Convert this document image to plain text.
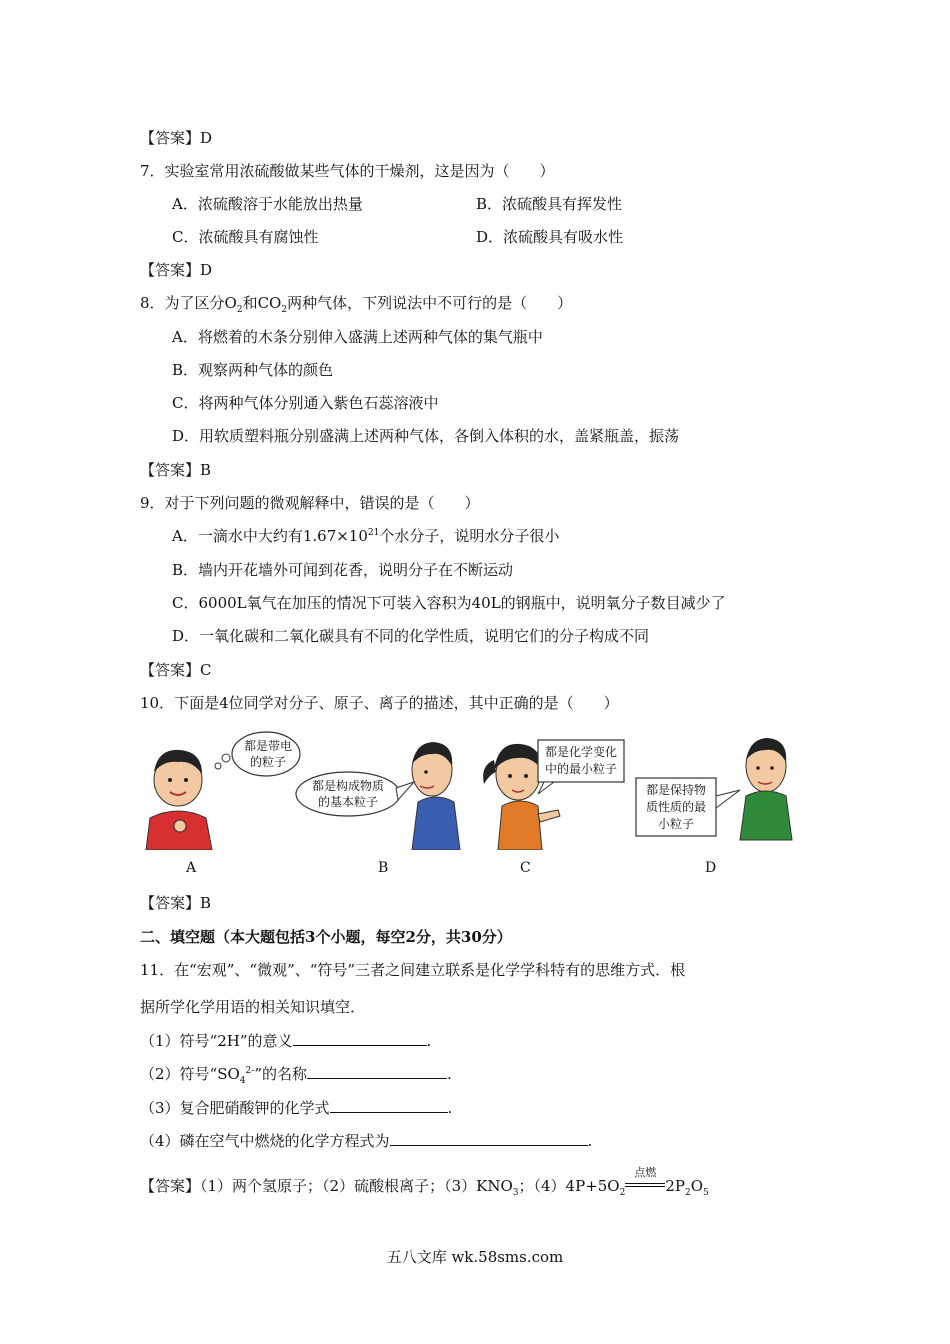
【答案】D
7．实验室常用浓硫酸做某些气体的干燥剂，这是因为（　　）
A．浓硫酸溶于水能放出热量	B．浓硫酸具有挥发性
C．浓硫酸具有腐蚀性	D．浓硫酸具有吸水性
【答案】D
8．为了区分$O_2$和$CO_2$两种气体，下列说法中不可行的是（　　）
A．将燃着的木条分别伸入盛满上述两种气体的集气瓶中
B．观察两种气体的颜色
C．将两种气体分别通入紫色石蕊溶液中
D．用软质塑料瓶分别盛满上述两种气体，各倒入体积的水，盖紧瓶盖，振荡
【答案】B
9．对于下列问题的微观解释中，错误的是（　　）
A．一滴水中大约有$1.67\times 10^{21}$个水分子，说明水分子很小
B．墙内开花墙外可闻到花香，说明分子在不断运动
C．6000L氧气在加压的情况下可装入容积为40L的钢瓶中，说明氧分子数目减少了
D．一氧化碳和二氧化碳具有不同的化学性质，说明它们的分子构成不同
【答案】C
10．下面是4位同学对分子、原子、离子的描述，其中正确的是（　　）
都是带电
的粒子
都是构成物质
的基本粒子
都是化学变化
中的最小粒子
都是保持物
质性质的最
小粒子
A	B	C	D
【答案】B
二、填空题（本大题包括3个小题，每空2分，共30分）
11．在“宏观”、“微观”、“符号”三者之间建立联系是化学学科特有的思维方式．根
据所学化学用语的相关知识填空．
（1）符号“2H”的意义	.
（2）符号“$SO_4^{2-}$”的名称	.
（3）复合肥硝酸钾的化学式	.
（4）磷在空气中燃烧的化学方程式为	.
【答案】（1）两个氢原子；（2）硫酸根离子；$(3)KNO_3$；$(4)4P+5O_2$
点燃
$2P_2O_5$
五八文库 wk.58sms.com
